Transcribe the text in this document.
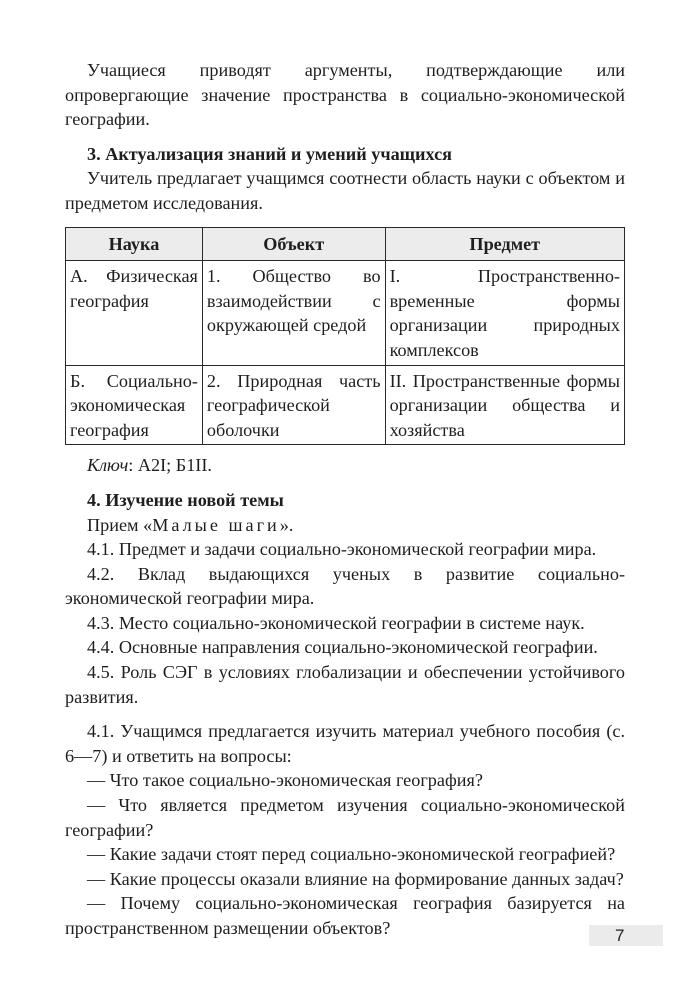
Учащиеся приводят аргументы, подтверждающие или опровергающие значение пространства в социально-экономической географии.

3. Актуализация знаний и умений учащихся

Учитель предлагает учащимся соотнести область науки с объектом и предметом исследования.

Наука	Объект	Предмет
А. Физическая география	1. Общество во взаимодействии с окружающей средой	I. Пространственно-временные формы организации природных комплексов
Б. Социально-экономическая география	2. Природная часть географической оболочки	II. Пространственные формы организации общества и хозяйства

Ключ: А2I; Б1II.

4. Изучение новой темы

Прием «Малые шаги».

4.1. Предмет и задачи социально-экономической географии мира.

4.2. Вклад выдающихся ученых в развитие социально-экономической географии мира.

4.3. Место социально-экономической географии в системе наук.

4.4. Основные направления социально-экономической географии.

4.5. Роль СЭГ в условиях глобализации и обеспечении устойчивого развития.

4.1. Учащимся предлагается изучить материал учебного пособия (с. 6—7) и ответить на вопросы:

— Что такое социально-экономическая география?

— Что является предметом изучения социально-экономической географии?

— Какие задачи стоят перед социально-экономической географией?

— Какие процессы оказали влияние на формирование данных задач?

— Почему социально-экономическая география базируется на пространственном размещении объектов?	7
